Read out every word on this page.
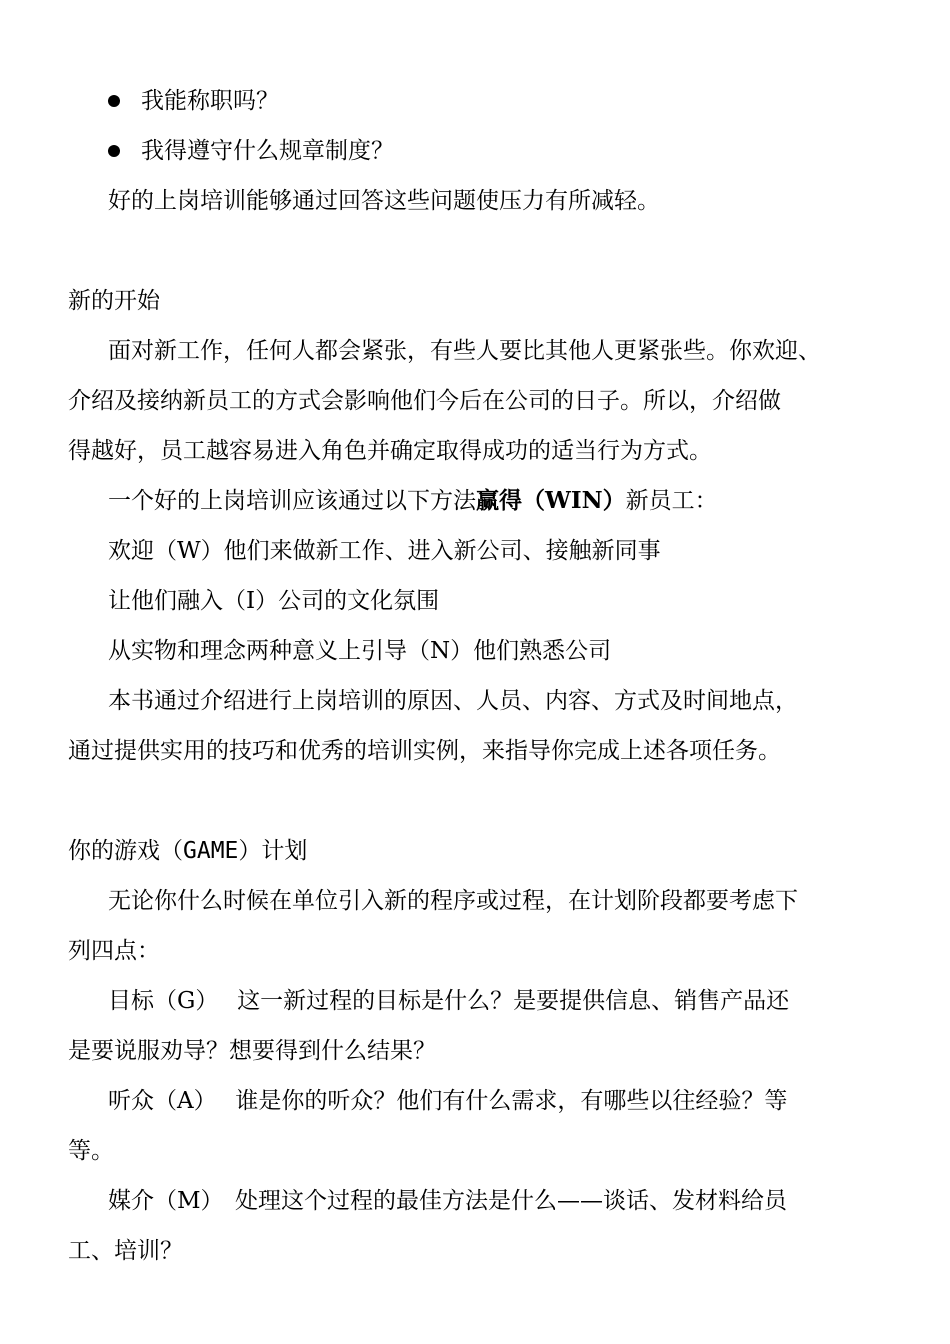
我能称职吗？
我得遵守什么规章制度？
好的上岗培训能够通过回答这些问题使压力有所减轻。
新的开始
面对新工作，任何人都会紧张，有些人要比其他人更紧张些。你欢迎、
介绍及接纳新员工的方式会影响他们今后在公司的日子。所以，介绍做
得越好，员工越容易进入角色并确定取得成功的适当行为方式。
一个好的上岗培训应该通过以下方法赢得（WIN）新员工：
欢迎（W）他们来做新工作、进入新公司、接触新同事
让他们融入（I）公司的文化氛围
从实物和理念两种意义上引导（N）他们熟悉公司
本书通过介绍进行上岗培训的原因、人员、内容、方式及时间地点，
通过提供实用的技巧和优秀的培训实例，来指导你完成上述各项任务。
你的游戏（GAME）计划
无论你什么时候在单位引入新的程序或过程，在计划阶段都要考虑下
列四点：
目标（G）　 这一新过程的目标是什么？是要提供信息、销售产品还
是要说服劝导？想要得到什么结果？
听众（A）　 谁是你的听众？他们有什么需求，有哪些以往经验？等
等。
媒介（M）　处理这个过程的最佳方法是什么——谈话、发材料给员
工、培训？
